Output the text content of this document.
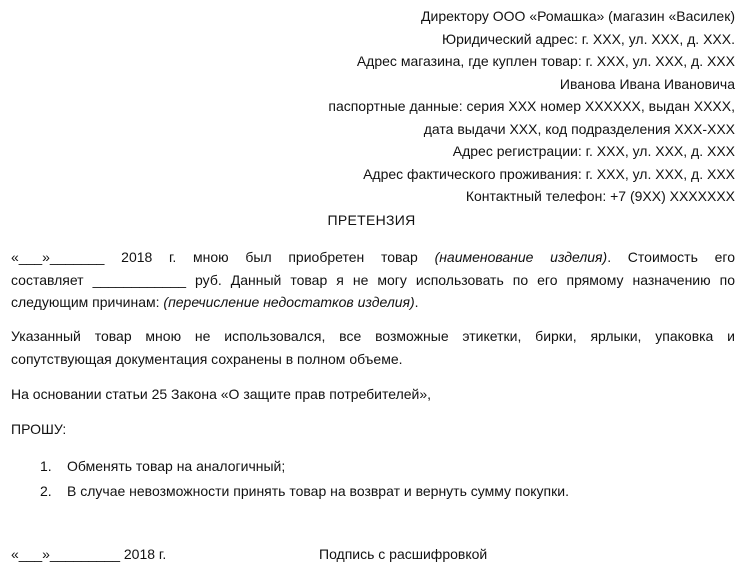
Директору ООО «Ромашка» (магазин «Василек)
Юридический адрес: г. ХХХ, ул. ХХХ, д. ХХХ.
Адрес магазина, где куплен товар: г. ХХХ, ул. ХХХ, д. ХХХ
Иванова Ивана Ивановича
паспортные данные: серия ХХХ номер ХХХХХХ, выдан ХХХХ,
дата выдачи ХХХ, код подразделения ХХХ-ХХХ
Адрес регистрации: г. ХХХ, ул. ХХХ, д. ХХХ
Адрес фактического проживания: г. ХХХ, ул. ХХХ, д. ХХХ
Контактный телефон: +7 (9ХХ) ХХХХХХХ
ПРЕТЕНЗИЯ
«___»_______ 2018 г. мною был приобретен товар (наименование изделия). Стоимость его
составляет ____________ руб. Данный товар я не могу использовать по его прямому назначению по
следующим причинам: (перечисление недостатков изделия).
Указанный товар мною не использовался, все возможные этикетки, бирки, ярлыки, упаковка и
сопутствующая документация сохранены в полном объеме.
На основании статьи 25 Закона «О защите прав потребителей»,
ПРОШУ:
1.	Обменять товар на аналогичный;
2.	В случае невозможности принять товар на возврат и вернуть сумму покупки.
«___»_________ 2018 г.	Подпись с расшифровкой
